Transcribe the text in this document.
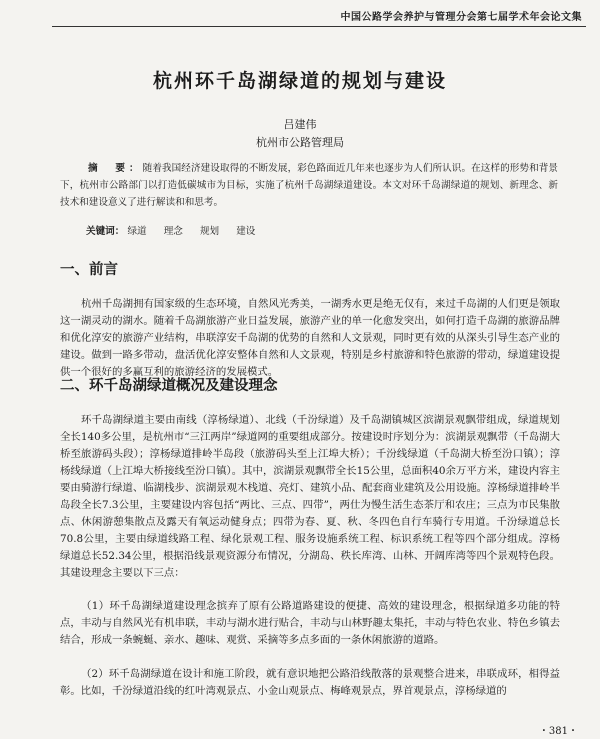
中国公路学会养护与管理分会第七届学术年会论文集
杭州环千岛湖绿道的规划与建设
吕建伟
杭州市公路管理局
摘　要：随着我国经济建设取得的不断发展，彩色路面近几年来也逐步为人们所认识。在这样的形势和背景下，杭州市公路部门以打造低碳城市为目标，实施了杭州千岛湖绿道建设。本文对环千岛湖绿道的规划、新理念、新技术和建设意义了进行解读和和思考。
关键词： 绿道 理念 规划 建设
一、前言

杭州千岛湖拥有国家级的生态环境，自然风光秀美，一湖秀水更是绝无仅有，来过千岛湖的人们更是领取这一湖灵动的湖水。随着千岛湖旅游产业日益发展，旅游产业的单一化愈发突出，如何打造千岛湖的旅游品牌和优化淳安的旅游产业结构，串联淳安千岛湖的优势的自然和人文景观，同时更有效的从深头引导生态产业的建设。做到一路多带动，盘活优化淳安整体自然和人文景观，特别是乡村旅游和特色旅游的带动，绿道建设提供一个很好的多赢互利的旅游经济的发展模式。

二、环千岛湖绿道概况及建设理念

环千岛湖绿道主要由南线（淳杨绿道）、北线（千汾绿道）及千岛湖镇城区滨湖景观飘带组成，绿道规划全长140多公里，是杭州市“三江两岸”绿道网的重要组成部分。按建设时序划分为：滨湖景观飘带（千岛湖大桥至旅游码头段）；淳杨绿道排岭半岛段（旅游码头至上江埠大桥）；千汾线绿道（千岛湖大桥至汾口镇）；淳杨线绿道（上江埠大桥接线至汾口镇）。其中，滨湖景观飘带全长15公里，总面积40余万平方米，建设内容主要由骑游行绿道、临湖栈步、滨湖景观木栈道、亮灯、建筑小品、配套商业建筑及公用设施。淳杨绿道排岭半岛段全长7.3公里，主要建设内容包括“两比、三点、四带”，两仕为慢生活生态茶厅和农庄；三点为市民集散点、休闲游憩集散点及露天有氧运动健身点；四带为春、夏、秋、冬四色自行车骑行专用道。千汾绿道总长70.8公里，主要由绿道线路工程、绿化景观工程、服务设施系统工程、标识系统工程等四个部分组成。淳杨绿道总长52.34公里，根据沿线景观资源分布情况，分湖岛、秩长库湾、山林、开阔库湾等四个景观特色段。其建设理念主要以下三点：

（1）环千岛湖绿道建设理念摈弃了原有公路道路建设的便捷、高效的建设理念，根据绿道多功能的特点，丰动与自然风光有机串联，丰动与湖水进行贴合，丰动与山林野趣太集托，丰动与特色农业、特色乡镇去结合，形成一条蜿蜒、亲水、趣味、观赏、采摘等多点多面的一条休闲旅游的道路。

（2）环千岛湖绿道在设计和施工阶段，就有意识地把公路沿线散落的景观整合进来，串联成环，相得益彰。比如，千汾绿道沿线的红叶湾观景点、小金山观景点、梅峰观景点，界首观景点，淳杨绿道的

・381・
